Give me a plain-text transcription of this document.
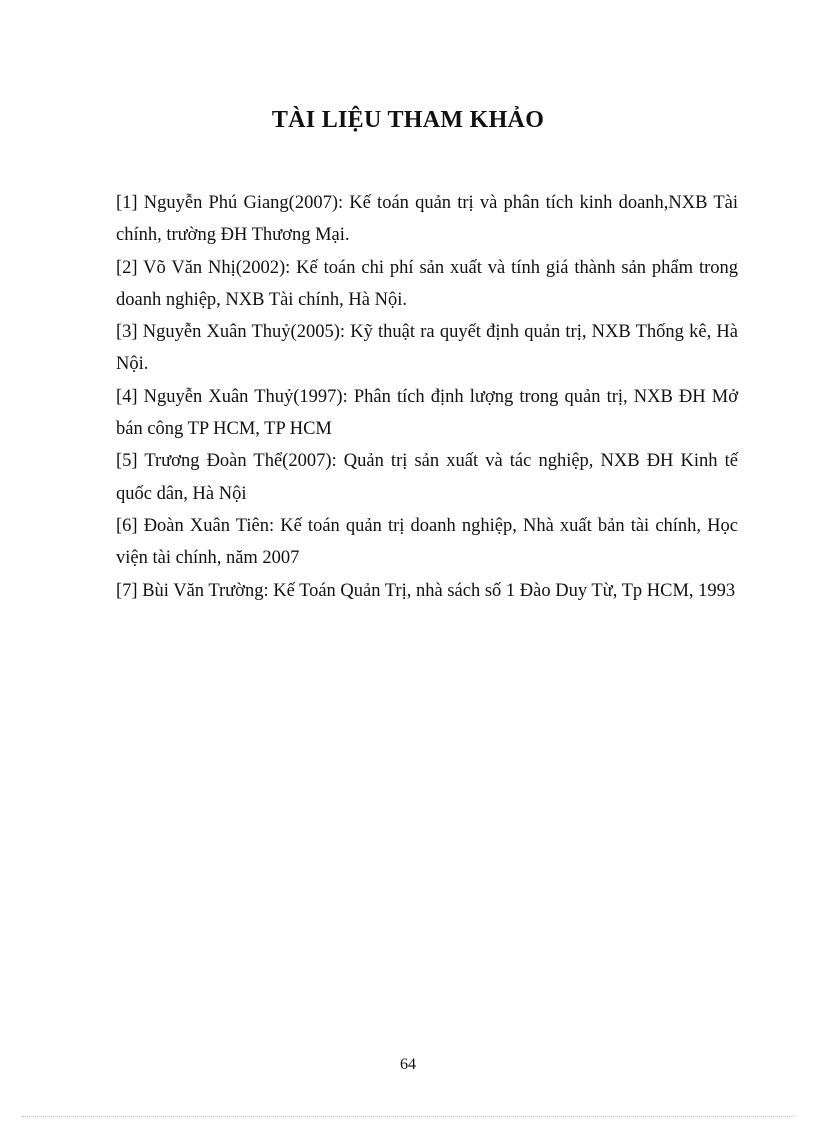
TÀI LIỆU THAM KHẢO
[1] Nguyễn Phú Giang(2007): Kế toán quản trị và phân tích kinh doanh,NXB Tài chính, trường ĐH Thương Mại.
[2] Võ Văn Nhị(2002): Kế toán chi phí sản xuất và tính giá thành sản phẩm trong doanh nghiệp, NXB Tài chính, Hà Nội.
[3] Nguyễn Xuân Thuỷ(2005): Kỹ thuật ra quyết định quản trị, NXB Thống kê, Hà Nội.
[4] Nguyễn Xuân Thuỷ(1997): Phân tích định lượng trong quản trị, NXB ĐH Mở bán công TP HCM, TP HCM
[5] Trương Đoàn Thể(2007): Quản trị sản xuất và tác nghiệp, NXB ĐH Kinh tế quốc dân, Hà Nội
[6] Đoàn Xuân Tiên: Kế toán quản trị doanh nghiệp, Nhà xuất bản tài chính, Học viện tài chính, năm 2007
[7] Bùi Văn Trường: Kế Toán Quản Trị, nhà sách số 1 Đào Duy Từ, Tp HCM, 1993
64
